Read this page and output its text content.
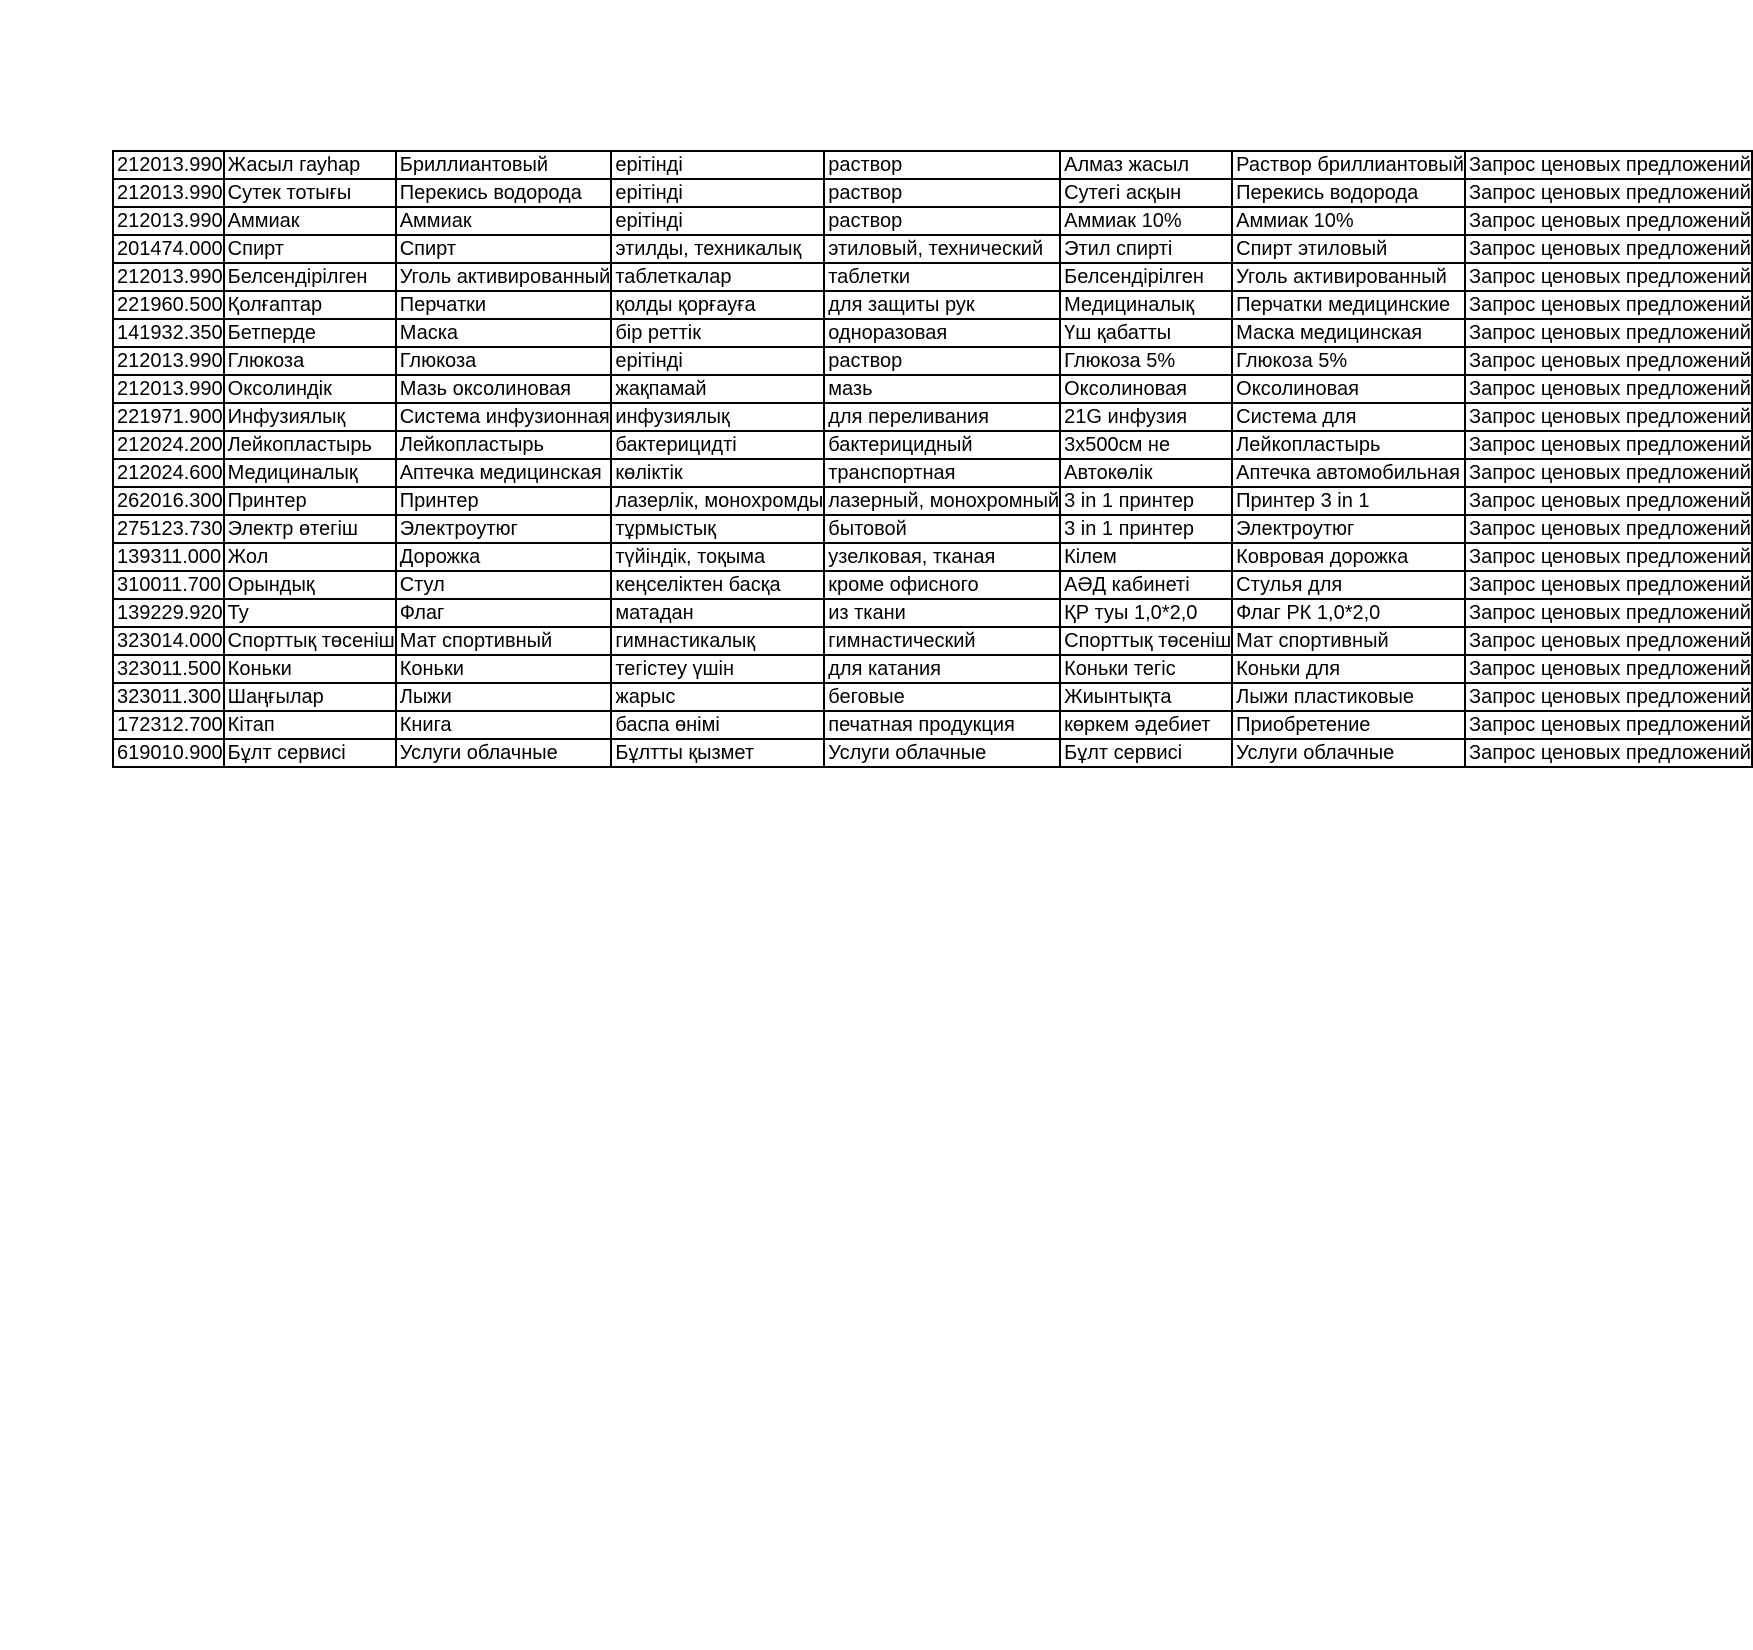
212013.990	Жасыл гауһар	Бриллиантовый	ерітінді	раствор	Алмаз жасыл	Раствор бриллиантовый	Запрос ценовых предложений
212013.990	Сутек тотығы	Перекись водорода	ерітінді	раствор	Сутегі асқын	Перекись водорода	Запрос ценовых предложений
212013.990	Аммиак	Аммиак	ерітінді	раствор	Аммиак 10%	Аммиак 10%	Запрос ценовых предложений
201474.000	Спирт	Спирт	этилды, техникалық	этиловый, технический	Этил спирті	Спирт этиловый	Запрос ценовых предложений
212013.990	Белсендірілген	Уголь активированный	таблеткалар	таблетки	Белсендірілген	Уголь активированный	Запрос ценовых предложений
221960.500	Қолғаптар	Перчатки	қолды қорғауға	для защиты рук	Медициналық	Перчатки медицинские	Запрос ценовых предложений
141932.350	Бетперде	Маска	бір реттік	одноразовая	Үш қабатты	Маска медицинская	Запрос ценовых предложений
212013.990	Глюкоза	Глюкоза	ерітінді	раствор	Глюкоза 5%	Глюкоза 5%	Запрос ценовых предложений
212013.990	Оксолиндік	Мазь оксолиновая	жақпамай	мазь	Оксолиновая	Оксолиновая	Запрос ценовых предложений
221971.900	Инфузиялық	Система инфузионная	инфузиялық	для переливания	21G инфузия	Система для	Запрос ценовых предложений
212024.200	Лейкопластырь	Лейкопластырь	бактерицидті	бактерицидный	3x500см не	Лейкопластырь	Запрос ценовых предложений
212024.600	Медициналық	Аптечка медицинская	көліктік	транспортная	Автокөлік	Аптечка автомобильная	Запрос ценовых предложений
262016.300	Принтер	Принтер	лазерлік, монохромды	лазерный, монохромный	3 in 1 принтер	Принтер 3 in 1	Запрос ценовых предложений
275123.730	Электр өтегіш	Электроутюг	тұрмыстық	бытовой	3 in 1 принтер	Электроутюг	Запрос ценовых предложений
139311.000	Жол	Дорожка	түйіндік, тоқыма	узелковая, тканая	Кілем	Ковровая дорожка	Запрос ценовых предложений
310011.700	Орындық	Стул	кеңселіктен басқа	кроме офисного	АӘД кабинеті	Стулья для	Запрос ценовых предложений
139229.920	Ту	Флаг	матадан	из ткани	ҚР туы 1,0*2,0	Флаг РК 1,0*2,0	Запрос ценовых предложений
323014.000	Спорттық төсеніш	Мат спортивный	гимнастикалық	гимнастический	Спорттық төсеніш	Мат спортивный	Запрос ценовых предложений
323011.500	Коньки	Коньки	тегістеу үшін	для катания	Коньки тегіс	Коньки для	Запрос ценовых предложений
323011.300	Шаңғылар	Лыжи	жарыс	беговые	Жиынтықта	Лыжи пластиковые	Запрос ценовых предложений
172312.700	Кітап	Книга	баспа өнімі	печатная продукция	көркем әдебиет	Приобретение	Запрос ценовых предложений
619010.900	Бұлт сервисі	Услуги облачные	Бұлтты қызмет	Услуги облачные	Бұлт сервисі	Услуги облачные	Запрос ценовых предложений
